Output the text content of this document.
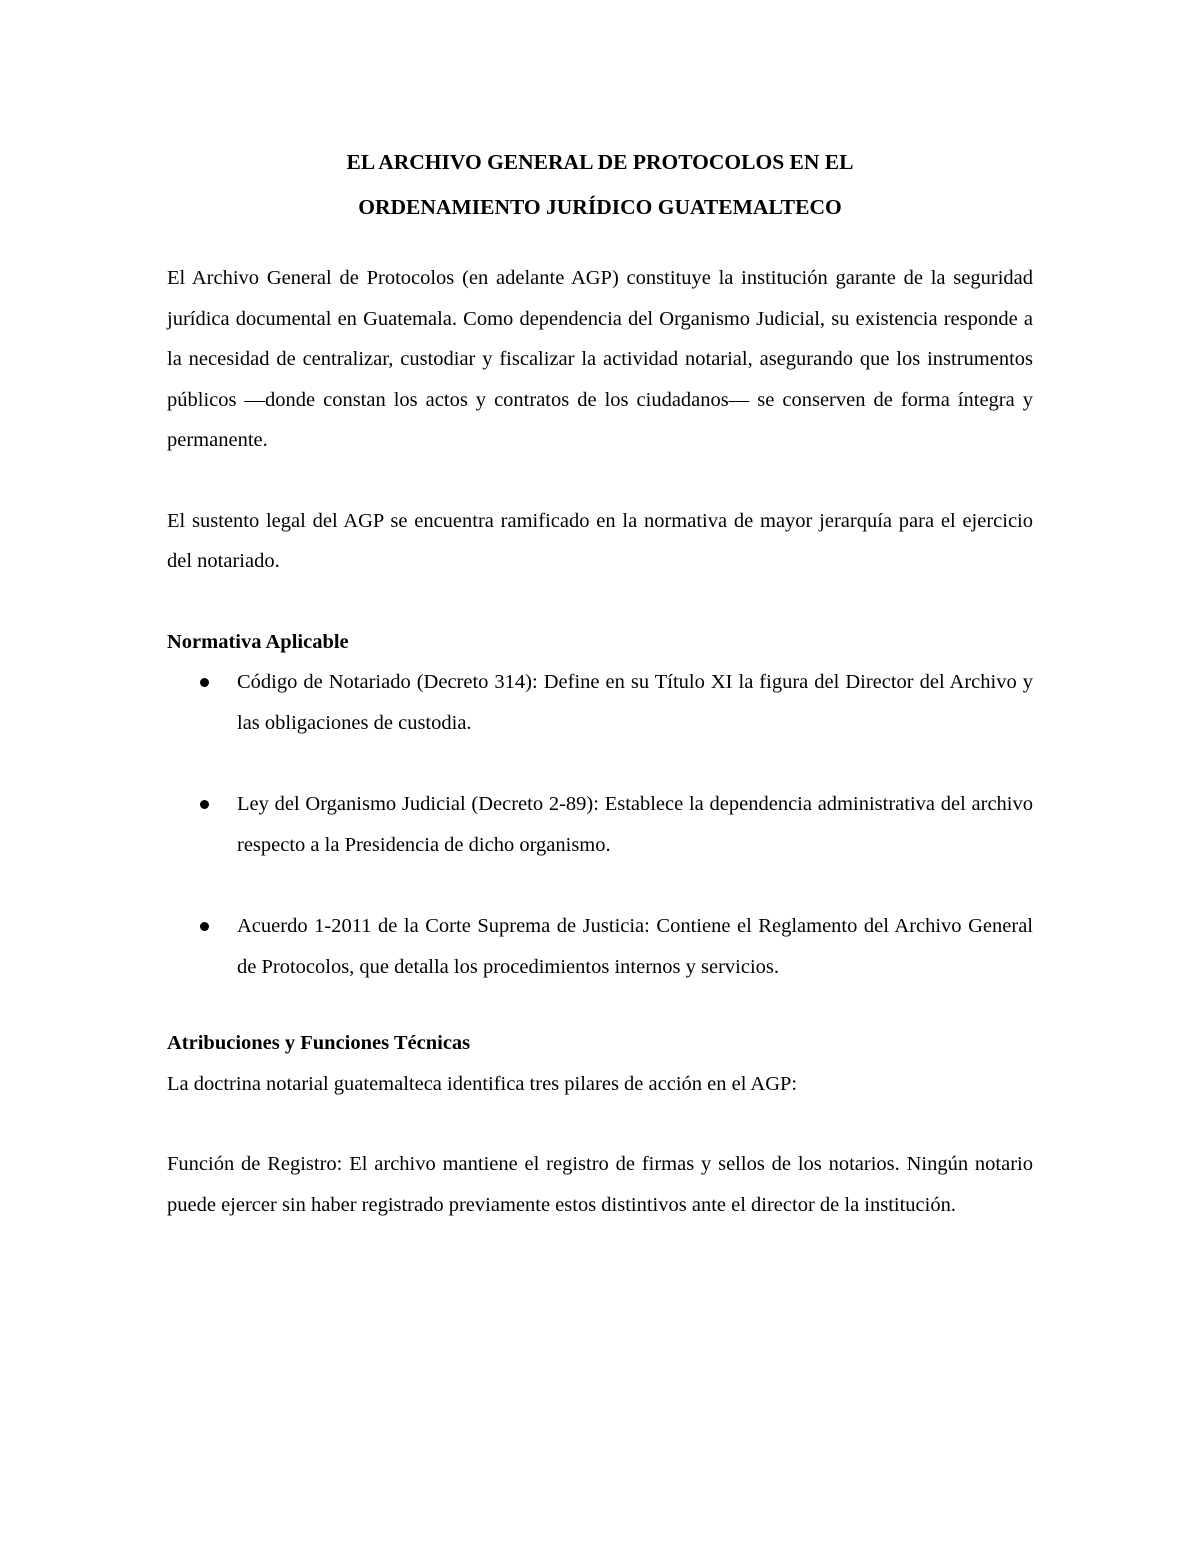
EL ARCHIVO GENERAL DE PROTOCOLOS EN EL
ORDENAMIENTO JURÍDICO GUATEMALTECO

El Archivo General de Protocolos (en adelante AGP) constituye la institución garante de la seguridad jurídica documental en Guatemala. Como dependencia del Organismo Judicial, su existencia responde a la necesidad de centralizar, custodiar y fiscalizar la actividad notarial, asegurando que los instrumentos públicos —donde constan los actos y contratos de los ciudadanos— se conserven de forma íntegra y permanente.

El sustento legal del AGP se encuentra ramificado en la normativa de mayor jerarquía para el ejercicio del notariado.

Normativa Aplicable

Código de Notariado (Decreto 314): Define en su Título XI la figura del Director del Archivo y las obligaciones de custodia.
Ley del Organismo Judicial (Decreto 2-89): Establece la dependencia administrativa del archivo respecto a la Presidencia de dicho organismo.
Acuerdo 1-2011 de la Corte Suprema de Justicia: Contiene el Reglamento del Archivo General de Protocolos, que detalla los procedimientos internos y servicios.

Atribuciones y Funciones Técnicas

La doctrina notarial guatemalteca identifica tres pilares de acción en el AGP:

Función de Registro: El archivo mantiene el registro de firmas y sellos de los notarios. Ningún notario puede ejercer sin haber registrado previamente estos distintivos ante el director de la institución.
